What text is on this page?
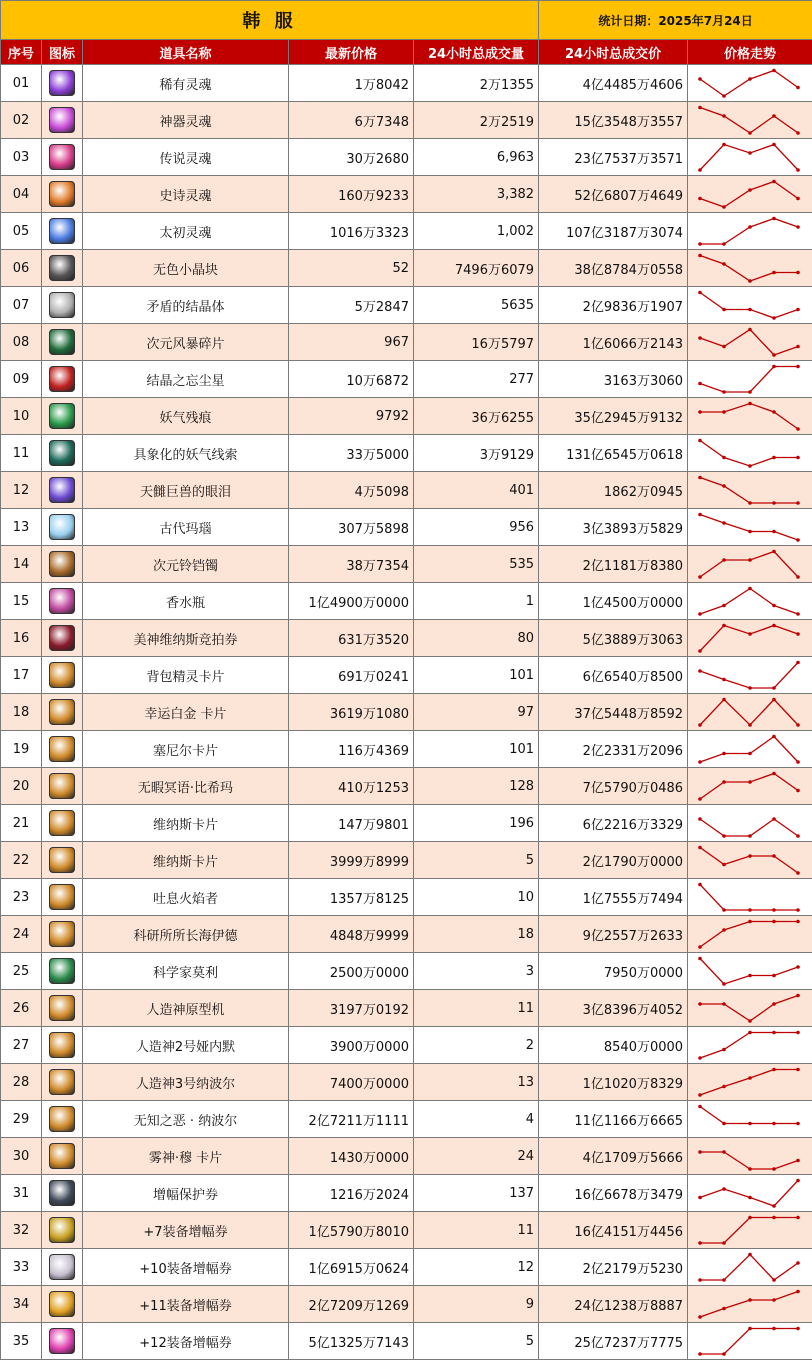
韩 服					统计日期：2025年7月24日	
序号	图标	道具名称	最新价格	24小时总成交量	24小时总成交价	价格走势
01		稀有灵魂	1万8042	2万1355	4亿4485万4606	

02		神器灵魂	6万7348	2万2519	15亿3548万3557	

03		传说灵魂	30万2680	6,963	23亿7537万3571	

04		史诗灵魂	160万9233	3,382	52亿6807万4649	

05		太初灵魂	1016万3323	1,002	107亿3187万3074	

06		无色小晶块	52	7496万6079	38亿8784万0558	

07		矛盾的结晶体	5万2847	5635	2亿9836万1907	

08		次元风暴碎片	967	16万5797	1亿6066万2143	

09		结晶之忘尘星	10万6872	277	3163万3060	

10		妖气残痕	9792	36万6255	35亿2945万9132	

11		具象化的妖气线索	33万5000	3万9129	131亿6545万0618	

12		天雠巨兽的眼泪	4万5098	401	1862万0945	

13		古代玛瑙	307万5898	956	3亿3893万5829	

14		次元铃铛镯	38万7354	535	2亿1181万8380	

15		香水瓶	1亿4900万0000	1	1亿4500万0000	

16		美神维纳斯竞拍券	631万3520	80	5亿3889万3063	

17		背包精灵卡片	691万0241	101	6亿6540万8500	

18		幸运白金 卡片	3619万1080	97	37亿5448万8592	

19		塞尼尔卡片	116万4369	101	2亿2331万2096	

20		无暇冥语·比希玛	410万1253	128	7亿5790万0486	

21		维纳斯卡片	147万9801	196	6亿2216万3329	

22		维纳斯卡片	3999万8999	5	2亿1790万0000	

23		吐息火焰者	1357万8125	10	1亿7555万7494	

24		科研所所长海伊德	4848万9999	18	9亿2557万2633	

25		科学家莫利	2500万0000	3	7950万0000	

26		人造神原型机	3197万0192	11	3亿8396万4052	

27		人造神2号娅内默	3900万0000	2	8540万0000	

28		人造神3号纳波尔	7400万0000	13	1亿1020万8329	

29		无知之恶 · 纳波尔	2亿7211万1111	4	11亿1166万6665	

30		雾神·穆 卡片	1430万0000	24	4亿1709万5666	

31		增幅保护券	1216万2024	137	16亿6678万3479	

32		+7装备增幅券	1亿5790万8010	11	16亿4151万4456	

33		+10装备增幅券	1亿6915万0624	12	2亿2179万5230	

34		+11装备增幅券	2亿7209万1269	9	24亿1238万8887	

35		+12装备增幅券	5亿1325万7143	5	25亿7237万7775	
